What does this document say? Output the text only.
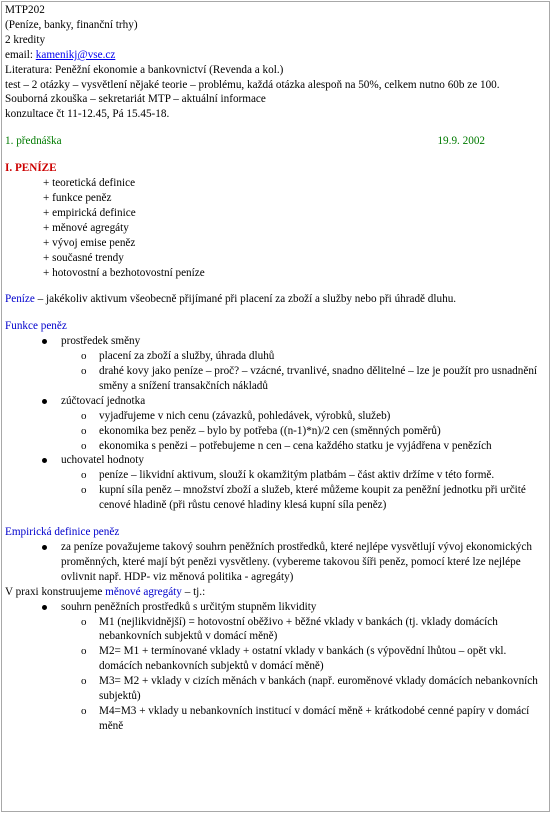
MTP202
(Peníze, banky, finanční trhy)
2 kredity
email: kamenikj@vse.cz
Literatura: Peněžní ekonomie a bankovnictví (Revenda a kol.)
test – 2 otázky – vysvětlení nějaké teorie – problému, každá otázka alespoň na 50%, celkem nutno 60b ze 100.
Souborná zkouška – sekretariát MTP – aktuální informace
konzultace čt 11-12.45, Pá 15.45-18.
1. přednáška	19.9. 2002
I. PENÍZE
+ teoretická definice
+ funkce peněz
+ empirická definice
+ měnové agregáty
+ vývoj emise peněz
+ současné trendy
+ hotovostní a bezhotovostní peníze
Peníze – jakékoliv aktivum všeobecně přijímané při placení za zboží a služby nebo při úhradě dluhu.
Funkce peněz
prostředek směny
o placení za zboží a služby, úhrada dluhů
o drahé kovy jako peníze – proč? – vzácné, trvanlivé, snadno dělitelné – lze je použít pro usnadnění směny a snížení transakčních nákladů
zúčtovací jednotka
o vyjadřujeme v nich cenu (závazků, pohledávek, výrobků, služeb)
o ekonomika bez peněz – bylo by potřeba ((n-1)*n)/2 cen (směnných poměrů)
o ekonomika s penězi – potřebujeme n cen – cena každého statku je vyjádřena v penězích
uchovatel hodnoty
o peníze – likvidní aktivum, slouží k okamžitým platbám – část aktiv držíme v této formě.
o kupní síla peněz – množství zboží a služeb, které můžeme koupit za peněžní jednotku při určité cenové hladině (při růstu cenové hladiny klesá kupní síla peněz)
Empirická definice peněz
za peníze považujeme takový souhrn peněžních prostředků, které nejlépe vysvětlují vývoj ekonomických proměnných, které mají být penězi vysvětleny. (vybereme takovou šíři peněz, pomocí které lze nejlépe ovlivnit např. HDP- viz měnová politika - agregáty)
V praxi konstruujeme měnové agregáty – tj.:
souhrn peněžních prostředků s určitým stupněm likvidity
o M1 (nejlikvidnější) = hotovostní oběživo + běžné vklady v bankách (tj. vklady domácích nebankovních subjektů v domácí měně)
o M2= M1 + termínované vklady + ostatní vklady v bankách (s výpovědní lhůtou – opět vkl. domácích nebankovních subjektů v domácí měně)
o M3= M2 + vklady v cizích měnách v bankách (např. euroměnové vklady domácích nebankovních subjektů)
o M4=M3 + vklady u nebankovních institucí v domácí měně + krátkodobé cenné papíry v domácí měně
